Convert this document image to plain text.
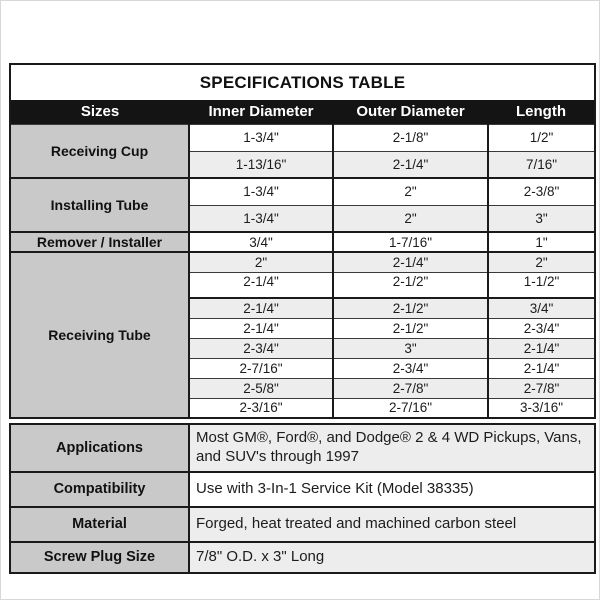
SPECIFICATIONS TABLE			
Sizes	Inner Diameter	Outer Diameter	Length
Receiving Cup	1-3/4"	2-1/8"	1/2"
	1-13/16"	2-1/4"	7/16"
Installing Tube	1-3/4"	2"	2-3/8"
	1-3/4"	2"	3"
Remover / Installer	3/4"	1-7/16"	1"
Receiving Tube	2"	2-1/4"	2"
	2-1/4"	2-1/2"	1-1/2"
	2-1/4"	2-1/2"	3/4"
	2-1/4"	2-1/2"	2-3/4"
	2-3/4"	3"	2-1/4"
	2-7/16"	2-3/4"	2-1/4"
	2-5/8"	2-7/8"	2-7/8"
	2-3/16"	2-7/16"	3-3/16"
Applications	Most GM®, Ford®, and Dodge® 2 & 4 WD Pickups, Vans, and SUV's through 1997
Compatibility	Use with 3-In-1 Service Kit (Model 38335)
Material	Forged, heat treated and machined carbon steel
Screw Plug Size	7/8" O.D. x 3" Long
